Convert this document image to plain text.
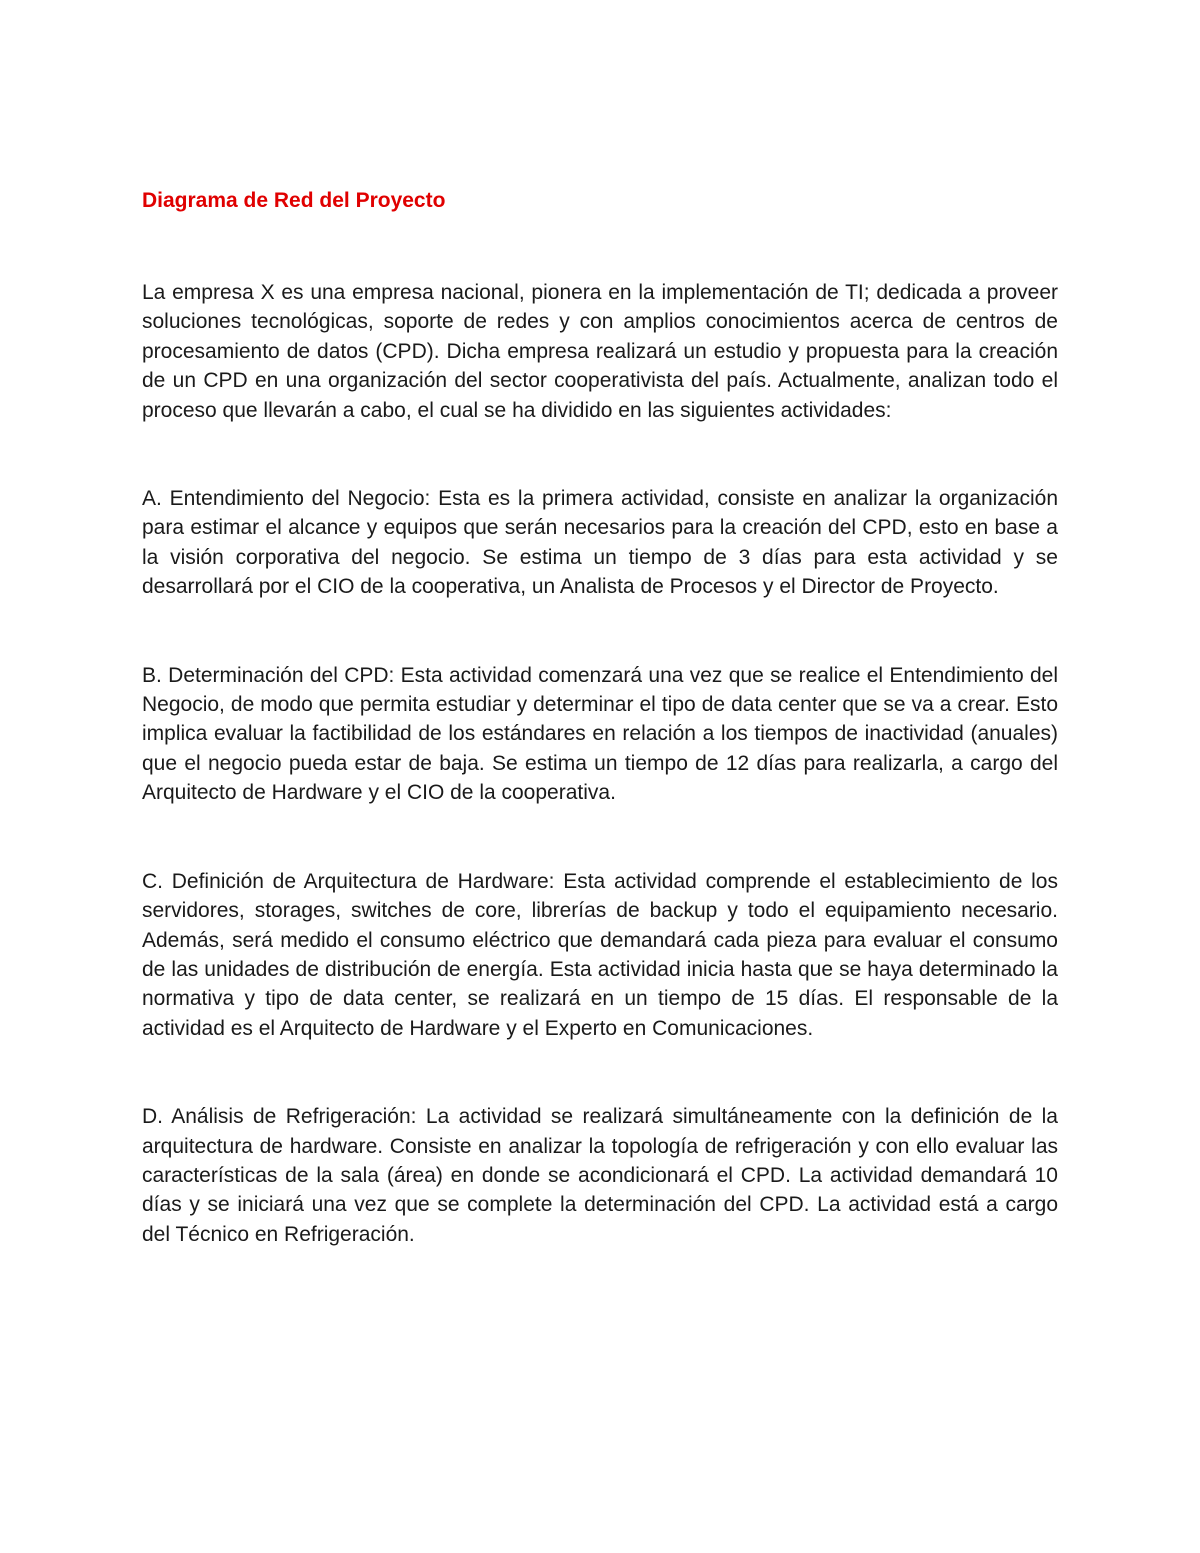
Diagrama de Red del Proyecto

La empresa X es una empresa nacional, pionera en la implementación de TI; dedicada a proveer soluciones tecnológicas, soporte de redes y con amplios conocimientos acerca de centros de procesamiento de datos (CPD). Dicha empresa realizará un estudio y propuesta para la creación de un CPD en una organización del sector cooperativista del país. Actualmente, analizan todo el proceso que llevarán a cabo, el cual se ha dividido en las siguientes actividades:

A. Entendimiento del Negocio: Esta es la primera actividad, consiste en analizar la organización para estimar el alcance y equipos que serán necesarios para la creación del CPD, esto en base a la visión corporativa del negocio. Se estima un tiempo de 3 días para esta actividad y se desarrollará por el CIO de la cooperativa, un Analista de Procesos y el Director de Proyecto.

B. Determinación del CPD: Esta actividad comenzará una vez que se realice el Entendimiento del Negocio, de modo que permita estudiar y determinar el tipo de data center que se va a crear. Esto implica evaluar la factibilidad de los estándares en relación a los tiempos de inactividad (anuales) que el negocio pueda estar de baja. Se estima un tiempo de 12 días para realizarla, a cargo del Arquitecto de Hardware y el CIO de la cooperativa.

C. Definición de Arquitectura de Hardware: Esta actividad comprende el establecimiento de los servidores, storages, switches de core, librerías de backup y todo el equipamiento necesario. Además, será medido el consumo eléctrico que demandará cada pieza para evaluar el consumo de las unidades de distribución de energía. Esta actividad inicia hasta que se haya determinado la normativa y tipo de data center, se realizará en un tiempo de 15 días. El responsable de la actividad es el Arquitecto de Hardware y el Experto en Comunicaciones.

D. Análisis de Refrigeración: La actividad se realizará simultáneamente con la definición de la arquitectura de hardware. Consiste en analizar la topología de refrigeración y con ello evaluar las características de la sala (área) en donde se acondicionará el CPD. La actividad demandará 10 días y se iniciará una vez que se complete la determinación del CPD. La actividad está a cargo del Técnico en Refrigeración.
